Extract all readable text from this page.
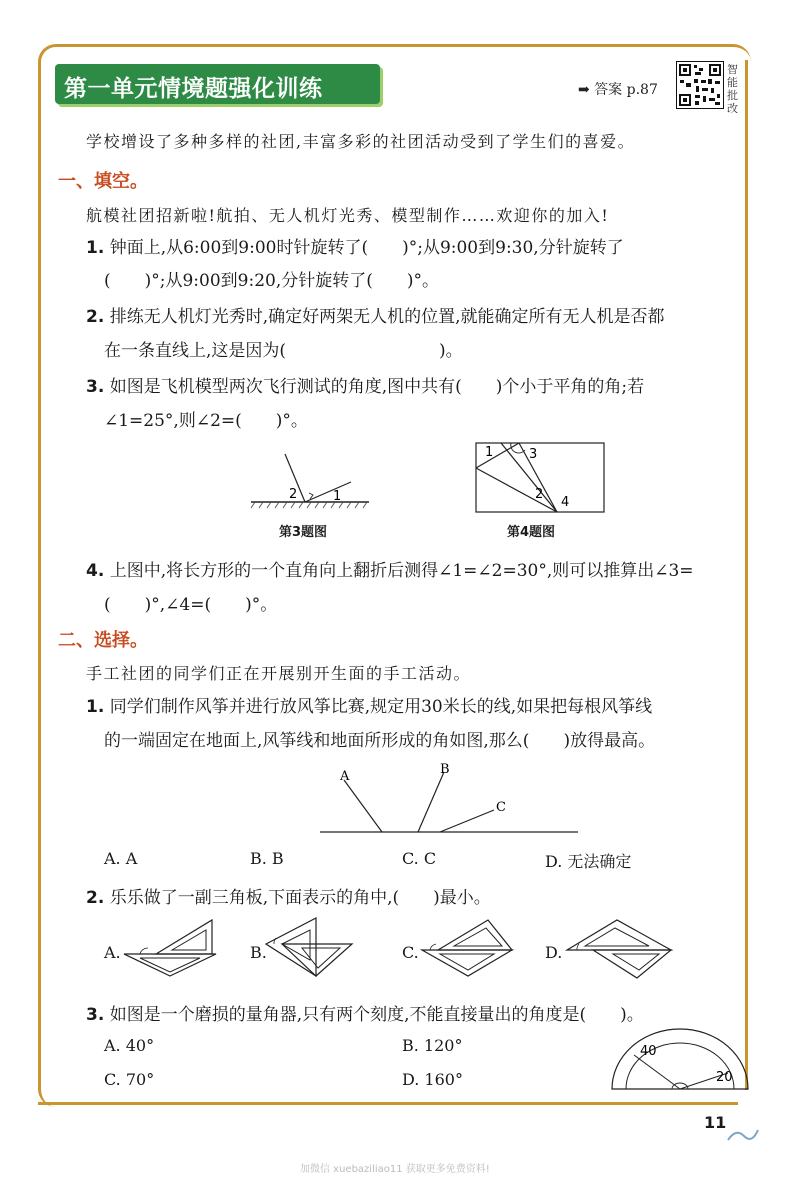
第一单元情境题强化训练	➡ 答案 p.87
智
能
批
改
学校增设了多种多样的社团,丰富多彩的社团活动受到了学生们的喜爱。
一、填空。
航模社团招新啦!航拍、无人机灯光秀、模型制作……欢迎你的加入!
1. 钟面上,从6:00到9:00时针旋转了(　　)°;从9:00到9:30,分针旋转了
(　　)°;从9:00到9:20,分针旋转了(　　)°。
2. 排练无人机灯光秀时,确定好两架无人机的位置,就能确定所有无人机是否都
在一条直线上,这是因为(　　　　　　　　　)。
3. 如图是飞机模型两次飞行测试的角度,图中共有(　　)个小于平角的角;若
∠1=25°,则∠2=(　　)°。
2	1
第3题图
1	3
2
4
第4题图
4. 上图中,将长方形的一个直角向上翻折后测得∠1=∠2=30°,则可以推算出∠3=
(　　)°,∠4=(　　)°。
二、选择。
手工社团的同学们正在开展别开生面的手工活动。
1. 同学们制作风筝并进行放风筝比赛,规定用30米长的线,如果把每根风筝线
的一端固定在地面上,风筝线和地面所形成的角如图,那么(　　)放得最高。
A	B
C
A. A	B. B	C. C	D. 无法确定
2. 乐乐做了一副三角板,下面表示的角中,(　　)最小。
A.	B.	C.	D.
3. 如图是一个磨损的量角器,只有两个刻度,不能直接量出的角度是(　　)。
A. 40°	B. 120°
C. 70°	D. 160°
40
20
11
加微信 xuebaziliao11 获取更多免费资料!
